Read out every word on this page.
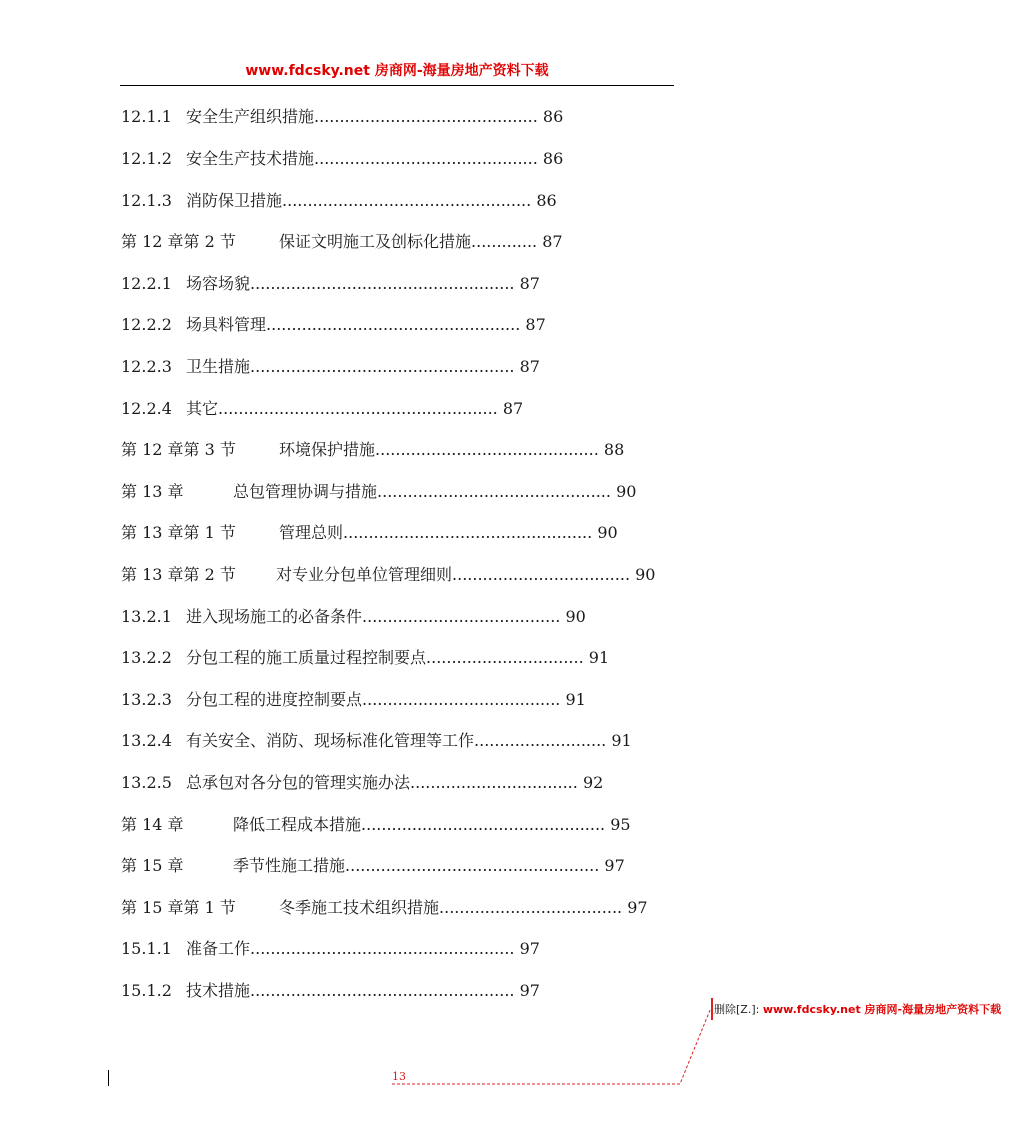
www.fdcsky.net 房商网-海量房地产资料下载
12.1.1 安全生产组织措施............................................ 86
12.1.2 安全生产技术措施............................................ 86
12.1.3 消防保卫措施................................................. 86
第 12 章第 2 节	保证文明施工及创标化措施............. 87
12.2.1 场容场貌.................................................... 87
12.2.2 场具料管理.................................................. 87
12.2.3 卫生措施.................................................... 87
12.2.4 其它....................................................... 87
第 12 章第 3 节	环境保护措施............................................ 88
第 13 章	总包管理协调与措施.............................................. 90
第 13 章第 1 节	管理总则................................................. 90
第 13 章第 2 节	对专业分包单位管理细则................................... 90
13.2.1 进入现场施工的必备条件....................................... 90
13.2.2 分包工程的施工质量过程控制要点............................... 91
13.2.3 分包工程的进度控制要点....................................... 91
13.2.4 有关安全、消防、现场标准化管理等工作.......................... 91
13.2.5 总承包对各分包的管理实施办法................................. 92
第 14 章	降低工程成本措施................................................ 95
第 15 章	季节性施工措施.................................................. 97
第 15 章第 1 节	冬季施工技术组织措施.................................... 97
15.1.1 准备工作.................................................... 97
15.1.2 技术措施.................................................... 97
删除[Z.]: www.fdcsky.net 房商网-海量房地产资料下载
13
